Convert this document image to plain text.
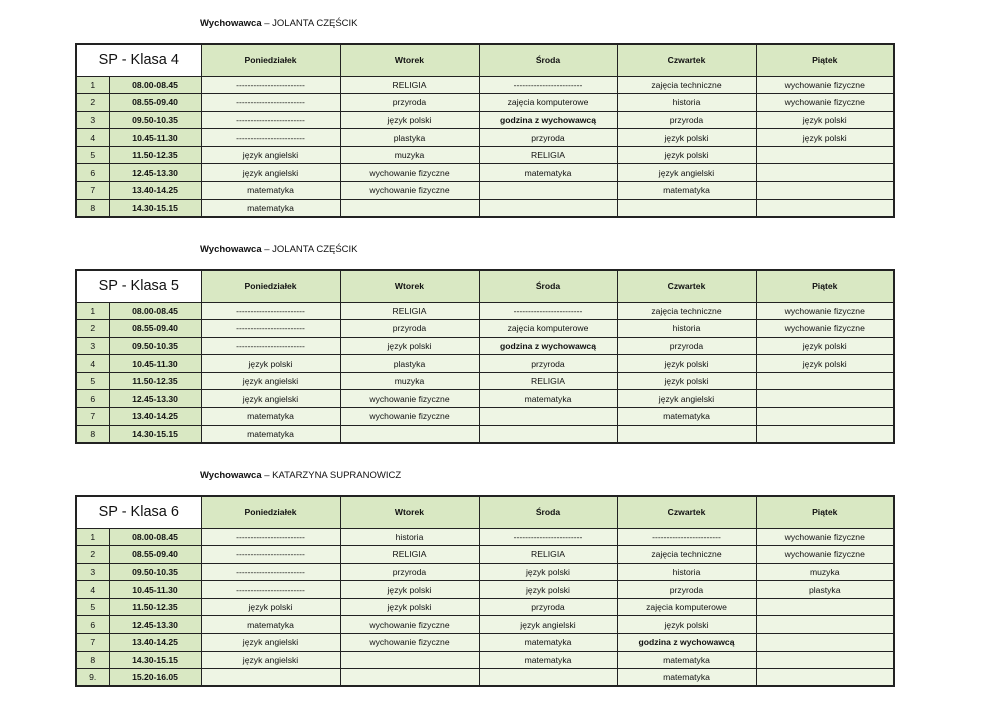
Wychowawca – JOLANTA CZĘŚCIK
SP - Klasa 4		Poniedziałek	Wtorek	Środa	Czwartek	Piątek
1	08.00-08.45	------------------------	RELIGIA	------------------------	zajęcia techniczne	wychowanie fizyczne
2	08.55-09.40	------------------------	przyroda	zajęcia komputerowe	historia	wychowanie fizyczne
3	09.50-10.35	------------------------	język polski	godzina z wychowawcą	przyroda	język polski
4	10.45-11.30	------------------------	plastyka	przyroda	język polski	język polski
5	11.50-12.35	język angielski	muzyka	RELIGIA	język polski	
6	12.45-13.30	język angielski	wychowanie fizyczne	matematyka	język angielski	
7	13.40-14.25	matematyka	wychowanie fizyczne		matematyka	
8	14.30-15.15	matematyka				
Wychowawca – JOLANTA CZĘŚCIK
SP - Klasa 5		Poniedziałek	Wtorek	Środa	Czwartek	Piątek
1	08.00-08.45	------------------------	RELIGIA	------------------------	zajęcia techniczne	wychowanie fizyczne
2	08.55-09.40	------------------------	przyroda	zajęcia komputerowe	historia	wychowanie fizyczne
3	09.50-10.35	------------------------	język polski	godzina z wychowawcą	przyroda	język polski
4	10.45-11.30	język polski	plastyka	przyroda	język polski	język polski
5	11.50-12.35	język angielski	muzyka	RELIGIA	język polski	
6	12.45-13.30	język angielski	wychowanie fizyczne	matematyka	język angielski	
7	13.40-14.25	matematyka	wychowanie fizyczne		matematyka	
8	14.30-15.15	matematyka				
Wychowawca – KATARZYNA SUPRANOWICZ
SP - Klasa 6		Poniedziałek	Wtorek	Środa	Czwartek	Piątek
1	08.00-08.45	------------------------	historia	------------------------	------------------------	wychowanie fizyczne
2	08.55-09.40	------------------------	RELIGIA	RELIGIA	zajęcia techniczne	wychowanie fizyczne
3	09.50-10.35	------------------------	przyroda	język polski	historia	muzyka
4	10.45-11.30	------------------------	język polski	język polski	przyroda	plastyka
5	11.50-12.35	język polski	język polski	przyroda	zajęcia komputerowe	
6	12.45-13.30	matematyka	wychowanie fizyczne	język angielski	język polski	
7	13.40-14.25	język angielski	wychowanie fizyczne	matematyka	godzina z wychowawcą	
8	14.30-15.15	język angielski		matematyka	matematyka	
9.	15.20-16.05				matematyka	
